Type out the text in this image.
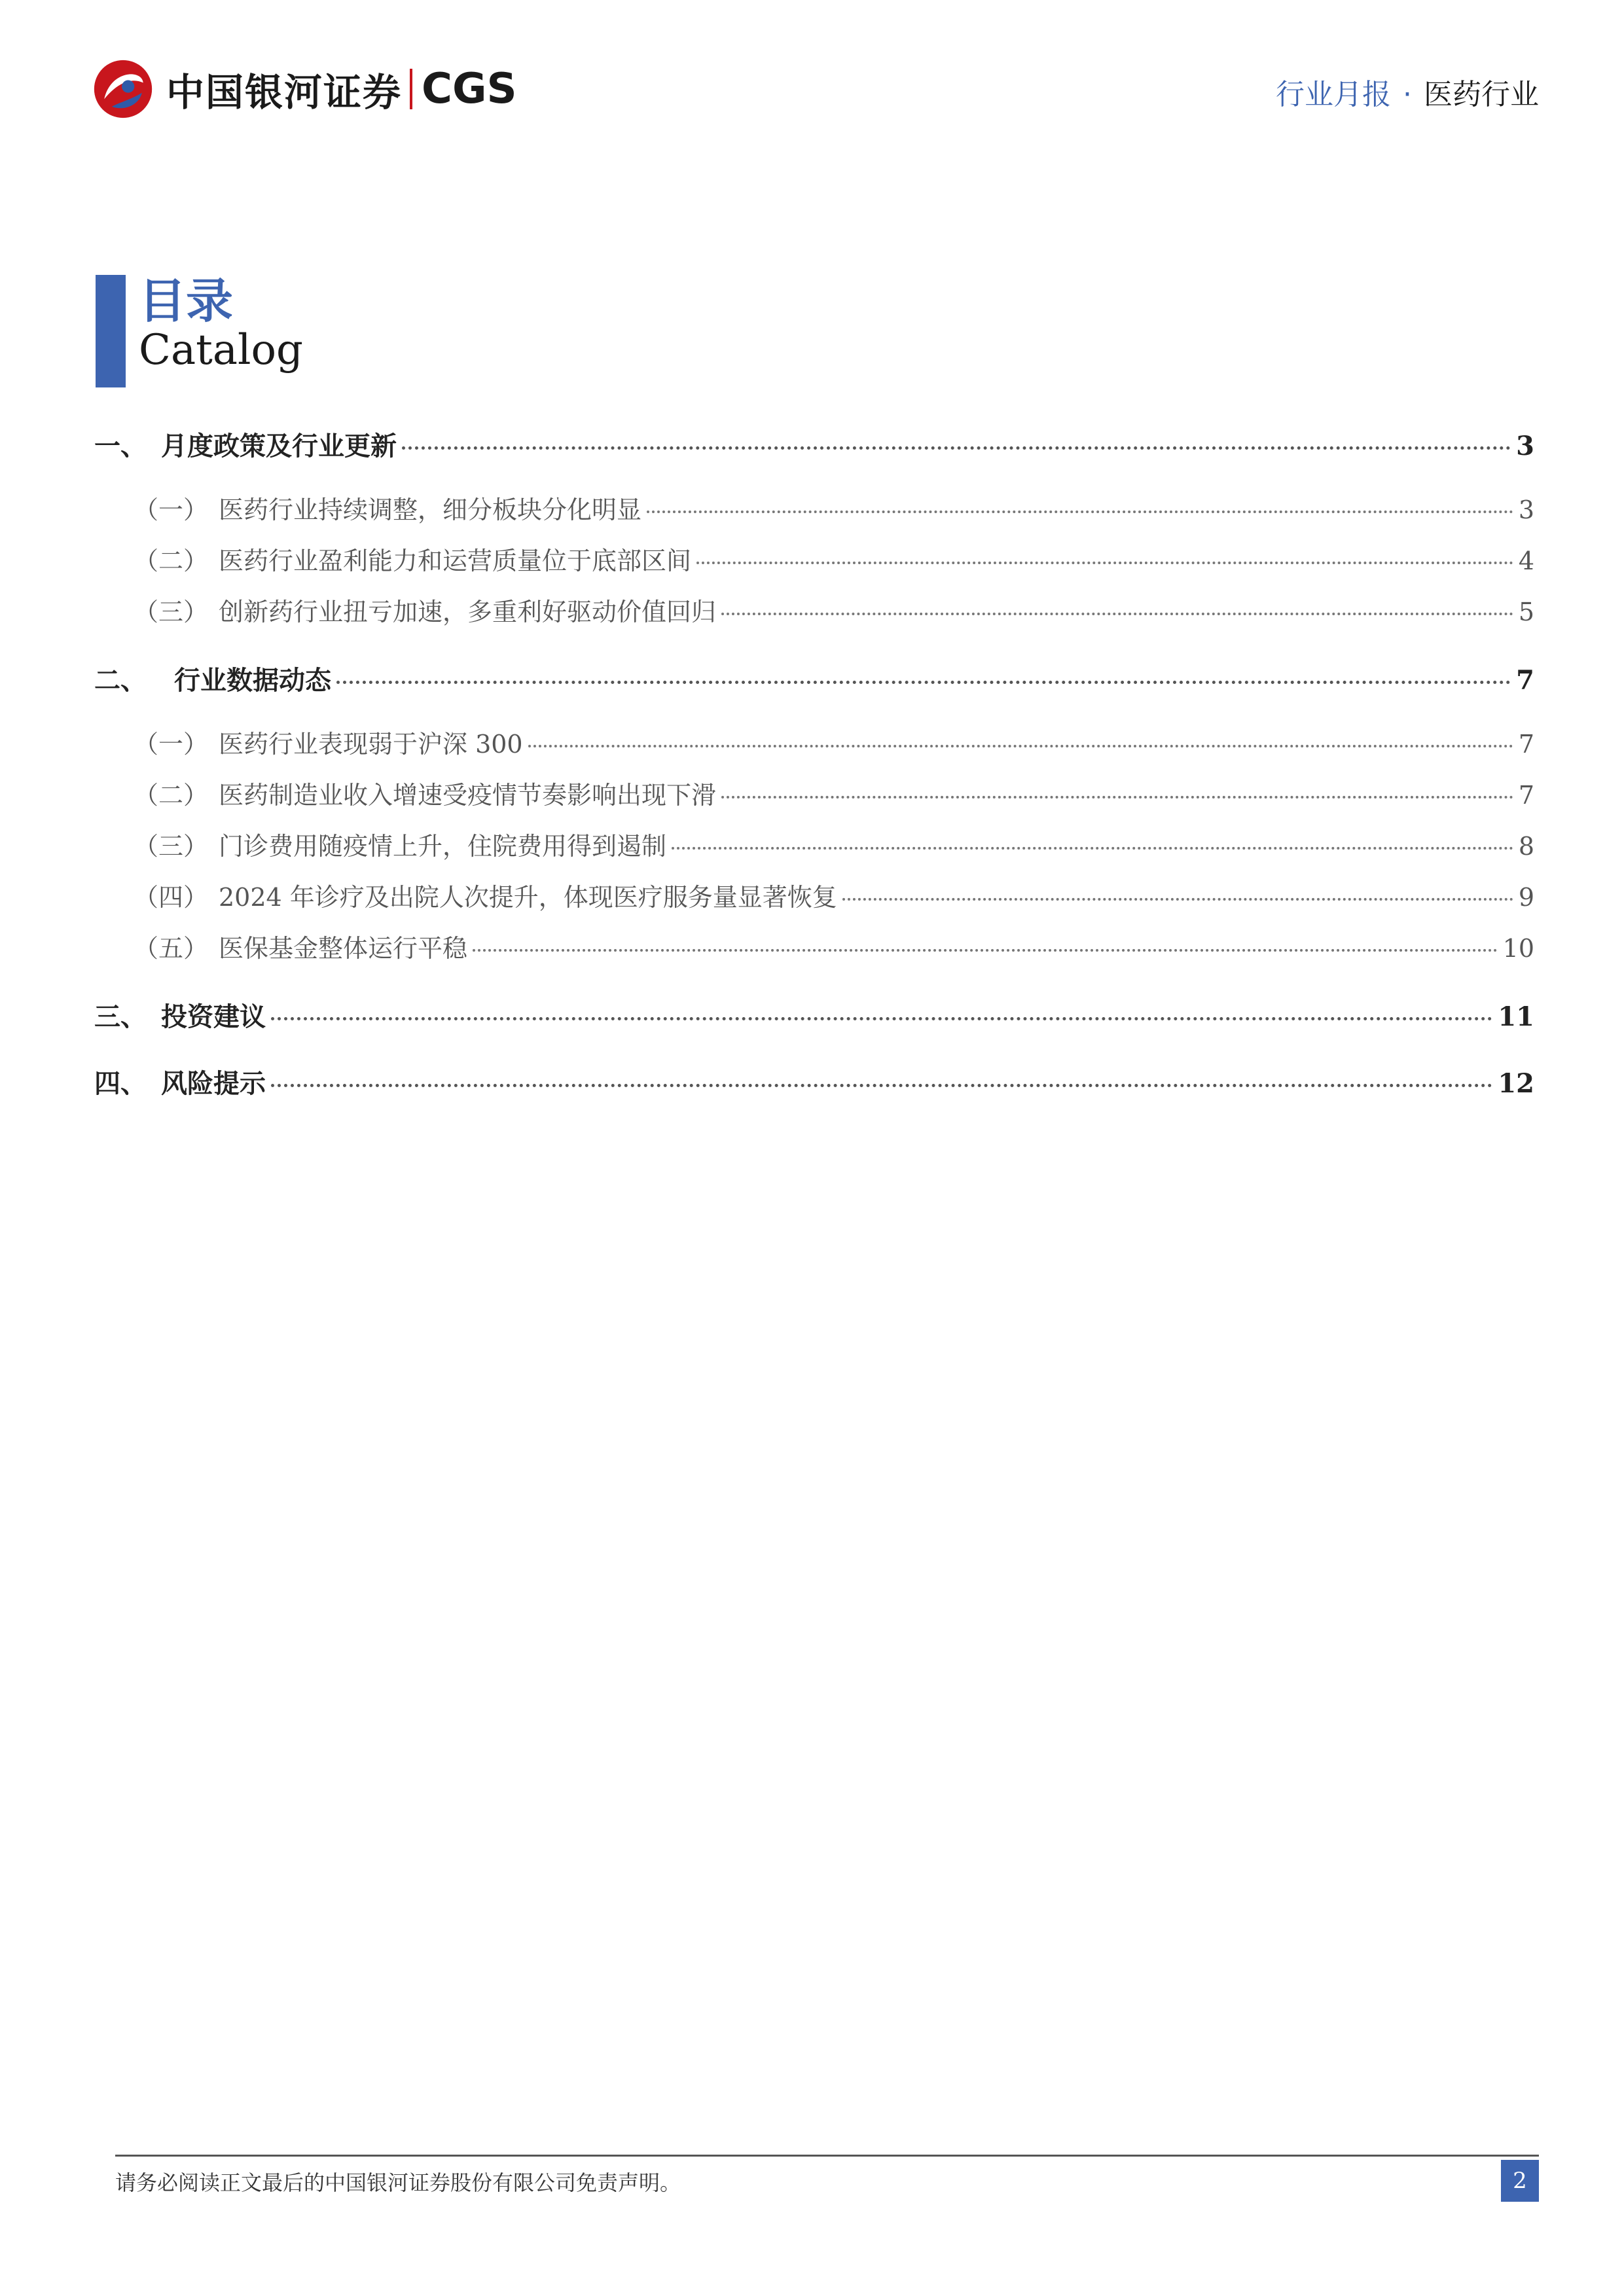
中国银河证券 CGS	行业月报 · 医药行业
目录
Catalog
一、 月度政策及行业更新	3
（一） 医药行业持续调整，细分板块分化明显	3
（二） 医药行业盈利能力和运营质量位于底部区间	4
（三） 创新药行业扭亏加速，多重利好驱动价值回归	5
二、	行业数据动态	7
（一） 医药行业表现弱于沪深 300	7
（二） 医药制造业收入增速受疫情节奏影响出现下滑	7
（三） 门诊费用随疫情上升，住院费用得到遏制	8
（四） 2024 年诊疗及出院人次提升，体现医疗服务量显著恢复	9
（五） 医保基金整体运行平稳	10
三、 投资建议	11
四、 风险提示	12
请务必阅读正文最后的中国银河证券股份有限公司免责声明。	2
